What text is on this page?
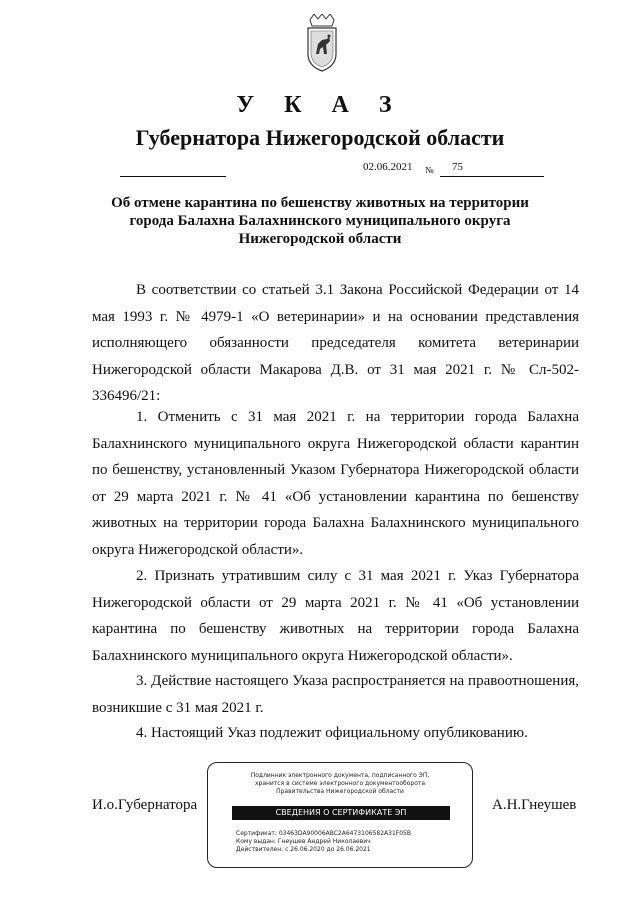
У К А З
Губернатора Нижегородской области
02.06.2021 № 75
Об отмене карантина по бешенству животных на территории
города Балахна Балахнинского муниципального округа
Нижегородской области

В соответствии со статьей 3.1 Закона Российской Федерации от 14 мая 1993 г. № 4979-1 «О ветеринарии» и на основании представления исполняющего обязанности председателя комитета ветеринарии Нижегородской области Макарова Д.В. от 31 мая 2021 г. № Сл-502-336496/21:

1. Отменить с 31 мая 2021 г. на территории города Балахна Балахнинского муниципального округа Нижегородской области карантин по бешенству, установленный Указом Губернатора Нижегородской области от 29 марта 2021 г. № 41 «Об установлении карантина по бешенству животных на территории города Балахна Балахнинского муниципального округа Нижегородской области».

2. Признать утратившим силу с 31 мая 2021 г. Указ Губернатора Нижегородской области от 29 марта 2021 г. № 41 «Об установлении карантина по бешенству животных на территории города Балахна Балахнинского муниципального округа Нижегородской области».

3. Действие настоящего Указа распространяется на правоотношения, возникшие с 31 мая 2021 г.

4. Настоящий Указ подлежит официальному опубликованию.

И.о.Губернатора	А.Н.Гнеушев
Подлинник электронного документа, подписанного ЭП,
хранится в системе электронного документооборота
Правительства Нижегородской области
СВЕДЕНИЯ О СЕРТИФИКАТЕ ЭП
Сертификат: 03463DA90006ABC2A6473106582A31F05B
Кому выдан: Гнеушев Андрей Николаевич
Действителен: с 26.06.2020 до 26.06.2021
